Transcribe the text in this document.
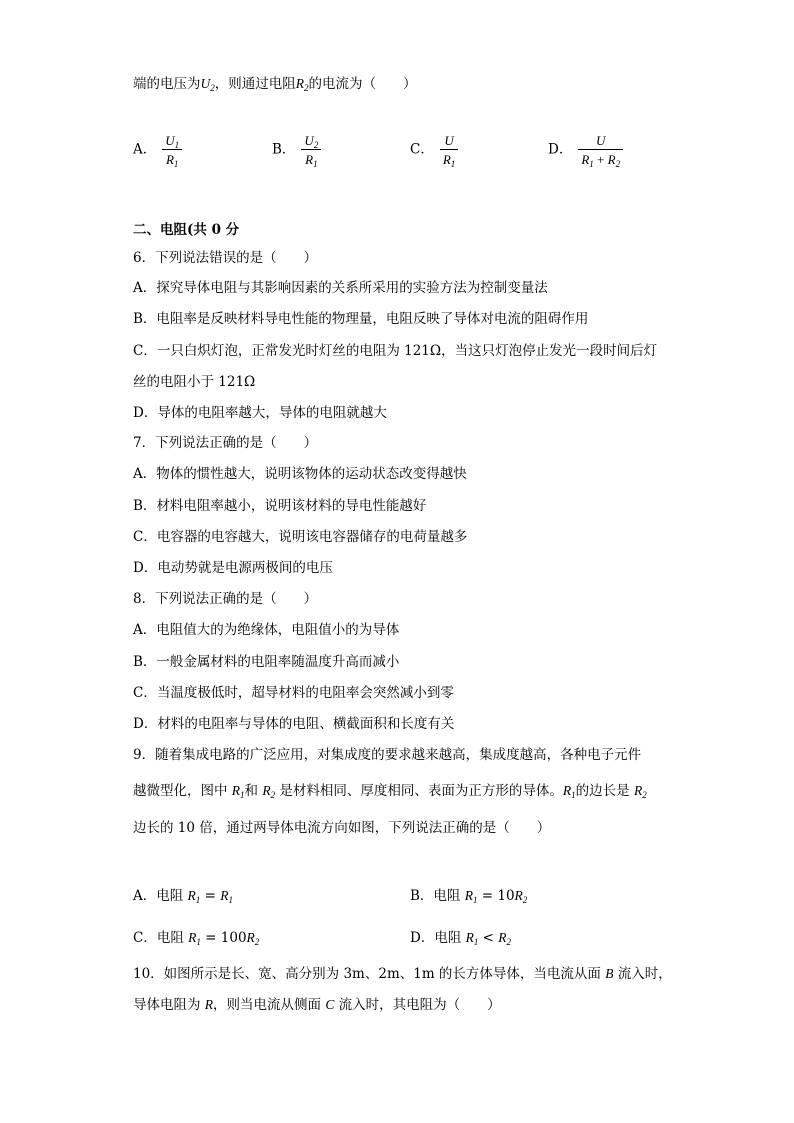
端的电压为$U_2$，则通过电阻$R_2$的电流为（　　）
A． $\frac{U_1}{R_1}$	B． $\frac{U_2}{R_1}$	C． $\frac{U}{R_1}$	D． $\frac{U}{R_1 + R_2}$
二、电阻(共 0 分
6．下列说法错误的是（　　）
A．探究导体电阻与其影响因素的关系所采用的实验方法为控制变量法
B．电阻率是反映材料导电性能的物理量，电阻反映了导体对电流的阻碍作用
C．一只白炽灯泡，正常发光时灯丝的电阻为 121Ω，当这只灯泡停止发光一段时间后灯
丝的电阻小于 121Ω
D．导体的电阻率越大，导体的电阻就越大
7．下列说法正确的是（　　）
A．物体的惯性越大，说明该物体的运动状态改变得越快
B．材料电阻率越小，说明该材料的导电性能越好
C．电容器的电容越大，说明该电容器储存的电荷量越多
D．电动势就是电源两极间的电压
8．下列说法正确的是（　　）
A．电阻值大的为绝缘体，电阻值小的为导体
B．一般金属材料的电阻率随温度升高而减小
C．当温度极低时，超导材料的电阻率会突然减小到零
D．材料的电阻率与导体的电阻、横截面积和长度有关
9．随着集成电路的广泛应用，对集成度的要求越来越高，集成度越高，各种电子元件
越微型化，图中 $R_1$和 $R_2$ 是材料相同、厚度相同、表面为正方形的导体。$R_1$的边长是 $R_2$
边长的 10 倍，通过两导体电流方向如图，下列说法正确的是（　　）
A．电阻 $R_1 = R_1$	B．电阻 $R_1 = 10R_2$
C．电阻 $R_1 = 100R_2$	D．电阻 $R_1 < R_2$
10．如图所示是长、宽、高分别为 3m、2m、1m 的长方体导体，当电流从面 B 流入时，
导体电阻为 R，则当电流从侧面 C 流入时，其电阻为（　　）
